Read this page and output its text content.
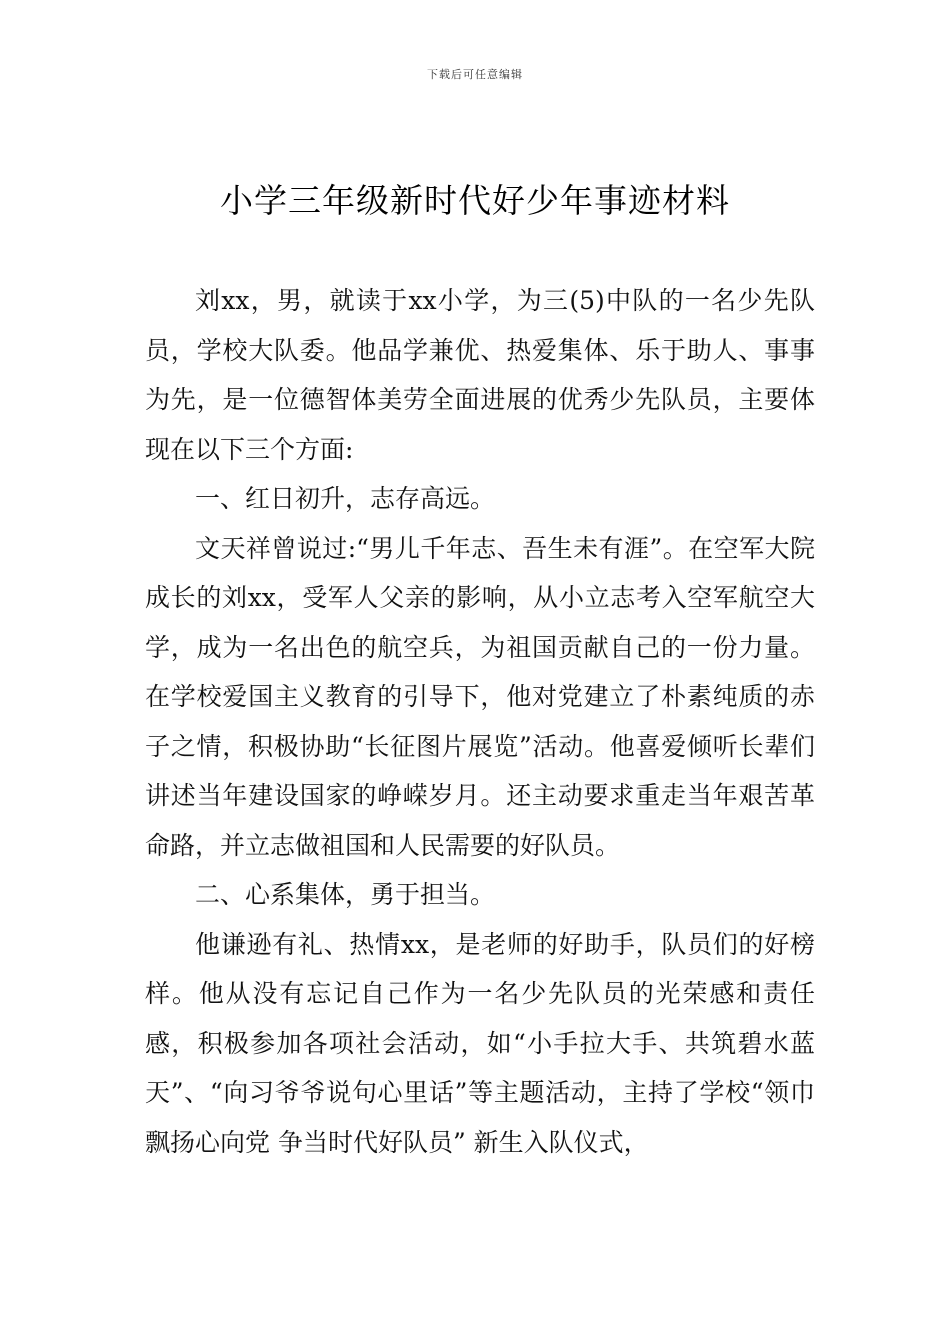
下载后可任意编辑
小学三年级新时代好少年事迹材料

刘xx，男，就读于xx小学，为三(5)中队的一名少先队员，学校大队委。他品学兼优、热爱集体、乐于助人、事事为先，是一位德智体美劳全面进展的优秀少先队员，主要体现在以下三个方面:

一、红日初升，志存高远。

文天祥曾说过:“男儿千年志、吾生未有涯”。在空军大院成长的刘xx，受军人父亲的影响，从小立志考入空军航空大学，成为一名出色的航空兵，为祖国贡献自己的一份力量。在学校爱国主义教育的引导下，他对党建立了朴素纯质的赤子之情，积极协助“长征图片展览”活动。他喜爱倾听长辈们讲述当年建设国家的峥嵘岁月。还主动要求重走当年艰苦革命路，并立志做祖国和人民需要的好队员。

二、心系集体，勇于担当。

他谦逊有礼、热情xx，是老师的好助手，队员们的好榜样。他从没有忘记自己作为一名少先队员的光荣感和责任感，积极参加各项社会活动，如“小手拉大手、共筑碧水蓝天”、“向习爷爷说句心里话”等主题活动，主持了学校“领巾飘扬心向党 争当时代好队员” 新生入队仪式，
